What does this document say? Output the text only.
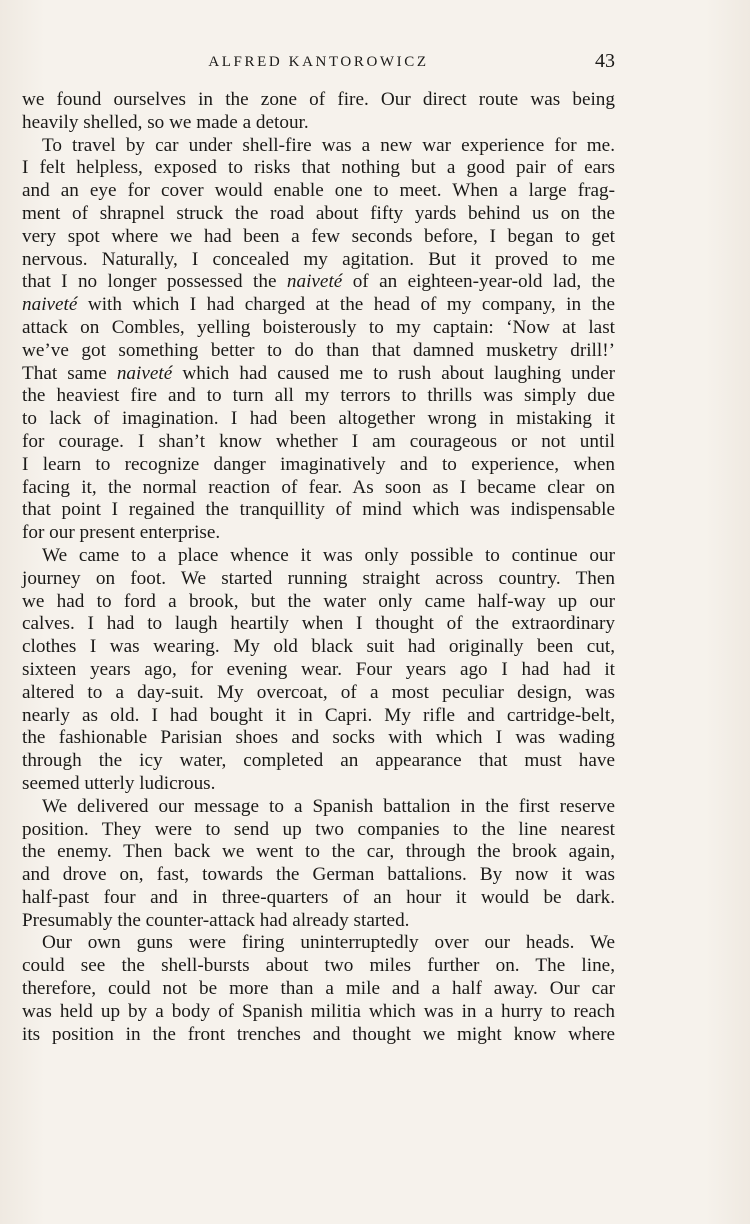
ALFRED KANTOROWICZ	43
we found ourselves in the zone of fire. Our direct route was being
heavily shelled, so we made a detour.
To travel by car under shell-fire was a new war experience for me.
I felt helpless, exposed to risks that nothing but a good pair of ears
and an eye for cover would enable one to meet. When a large frag-
ment of shrapnel struck the road about fifty yards behind us on the
very spot where we had been a few seconds before, I began to get
nervous. Naturally, I concealed my agitation. But it proved to me
that I no longer possessed the naiveté of an eighteen-year-old lad, the
naiveté with which I had charged at the head of my company, in the
attack on Combles, yelling boisterously to my captain: ‘Now at last
we’ve got something better to do than that damned musketry drill!’
That same naiveté which had caused me to rush about laughing under
the heaviest fire and to turn all my terrors to thrills was simply due
to lack of imagination. I had been altogether wrong in mistaking it
for courage. I shan’t know whether I am courageous or not until
I learn to recognize danger imaginatively and to experience, when
facing it, the normal reaction of fear. As soon as I became clear on
that point I regained the tranquillity of mind which was indispensable
for our present enterprise.
We came to a place whence it was only possible to continue our
journey on foot. We started running straight across country. Then
we had to ford a brook, but the water only came half-way up our
calves. I had to laugh heartily when I thought of the extraordinary
clothes I was wearing. My old black suit had originally been cut,
sixteen years ago, for evening wear. Four years ago I had had it
altered to a day-suit. My overcoat, of a most peculiar design, was
nearly as old. I had bought it in Capri. My rifle and cartridge-belt,
the fashionable Parisian shoes and socks with which I was wading
through the icy water, completed an appearance that must have
seemed utterly ludicrous.
We delivered our message to a Spanish battalion in the first reserve
position. They were to send up two companies to the line nearest
the enemy. Then back we went to the car, through the brook again,
and drove on, fast, towards the German battalions. By now it was
half-past four and in three-quarters of an hour it would be dark.
Presumably the counter-attack had already started.
Our own guns were firing uninterruptedly over our heads. We
could see the shell-bursts about two miles further on. The line,
therefore, could not be more than a mile and a half away. Our car
was held up by a body of Spanish militia which was in a hurry to reach
its position in the front trenches and thought we might know where
